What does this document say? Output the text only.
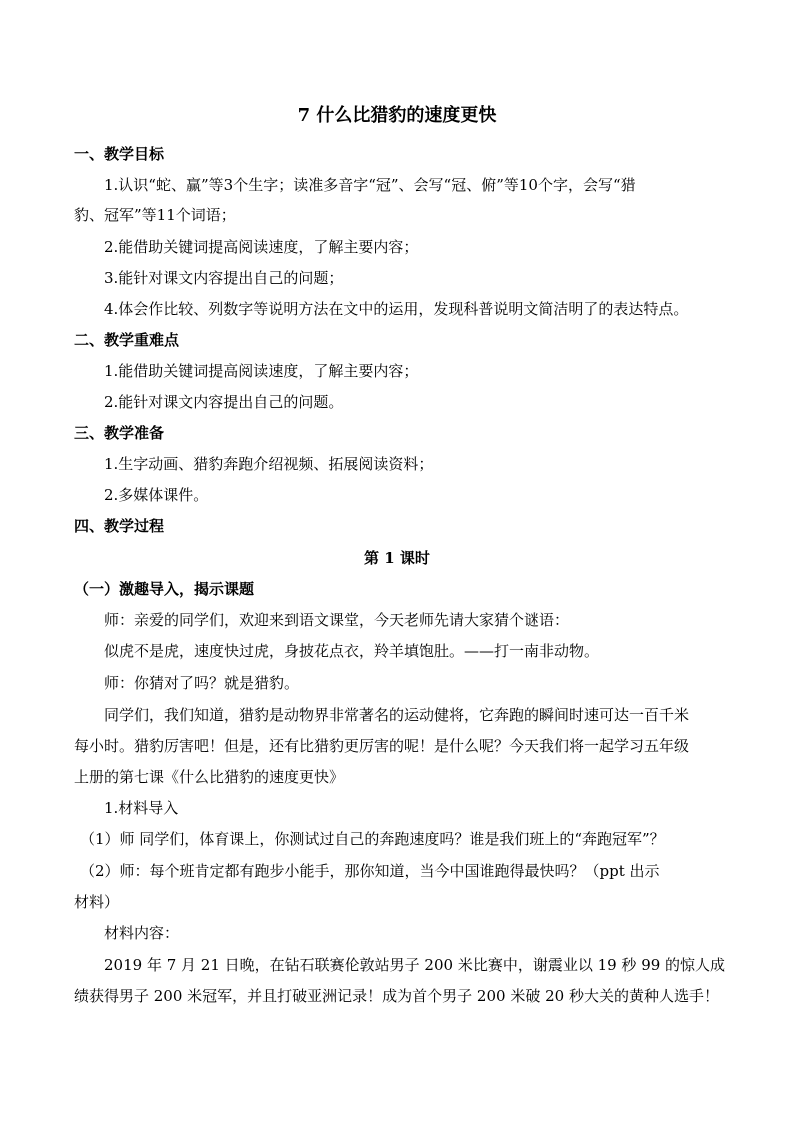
7 什么比猎豹的速度更快
一、教学目标
1.认识“蛇、赢”等3个生字；读准多音字“冠”、会写“冠、俯”等10个字，会写“猎
豹、冠军”等11个词语；
2.能借助关键词提高阅读速度，了解主要内容；
3.能针对课文内容提出自己的问题；
4.体会作比较、列数字等说明方法在文中的运用，发现科普说明文简洁明了的表达特点。
二、教学重难点
1.能借助关键词提高阅读速度，了解主要内容；
2.能针对课文内容提出自己的问题。
三、教学准备
1.生字动画、猎豹奔跑介绍视频、拓展阅读资料；
2.多媒体课件。
四、教学过程
第 1 课时
（一）激趣导入，揭示课题
师：亲爱的同学们，欢迎来到语文课堂，今天老师先请大家猜个谜语：
似虎不是虎，速度快过虎，身披花点衣，羚羊填饱肚。——打一南非动物。
师：你猜对了吗？就是猎豹。
同学们，我们知道，猎豹是动物界非常著名的运动健将，它奔跑的瞬间时速可达一百千米
每小时。猎豹厉害吧！但是，还有比猎豹更厉害的呢！是什么呢？今天我们将一起学习五年级
上册的第七课《什么比猎豹的速度更快》
1.材料导入
（1）师 同学们，体育课上，你测试过自己的奔跑速度吗？谁是我们班上的“奔跑冠军”？
（2）师：每个班肯定都有跑步小能手，那你知道，当今中国谁跑得最快吗？（ppt 出示
材料）
材料内容：
2019 年 7 月 21 日晚，在钻石联赛伦敦站男子 200 米比赛中，谢震业以 19 秒 99 的惊人成
绩获得男子 200 米冠军，并且打破亚洲记录！成为首个男子 200 米破 20 秒大关的黄种人选手！
